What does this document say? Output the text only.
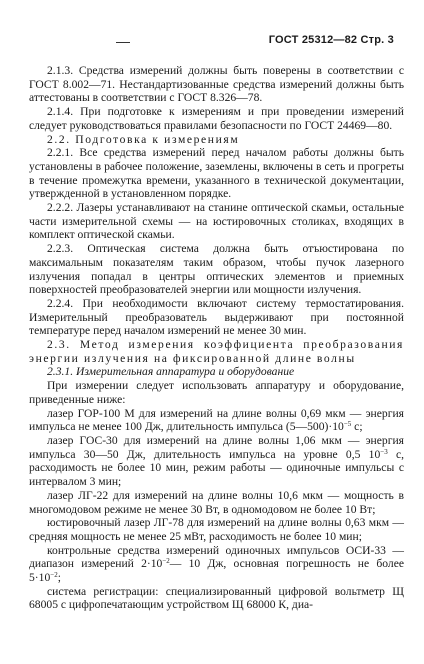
ГОСТ 25312—82 Стр. 3

2.1.3. Средства измерений должны быть поверены в соответствии с ГОСТ 8.002—71. Нестандартизованные средства измерений должны быть аттестованы в соответствии с ГОСТ 8.326—78.

2.1.4. При подготовке к измерениям и при проведении измерений следует руководствоваться правилами безопасности по ГОСТ 24469—80.

2.2. Подготовка к измерениям

2.2.1. Все средства измерений перед началом работы должны быть установлены в рабочее положение, заземлены, включены в сеть и прогреты в течение промежутка времени, указанного в технической документации, утвержденной в установленном порядке.

2.2.2. Лазеры устанавливают на станине оптической скамьи, остальные части измерительной схемы — на юстировочных столиках, входящих в комплект оптической скамьи.

2.2.3. Оптическая система должна быть отъюстирована по максимальным показателям таким образом, чтобы пучок лазерного излучения попадал в центры оптических элементов и приемных поверхностей преобразователей энергии или мощности излучения.

2.2.4. При необходимости включают систему термостатирования. Измерительный преобразователь выдерживают при постоянной температуре перед началом измерений не менее 30 мин.

2.3. Метод измерения коэффициента преобразования энергии излучения на фиксированной длине волны

2.3.1. Измерительная аппаратура и оборудование

При измерении следует использовать аппаратуру и оборудование, приведенные ниже:

лазер ГОР-100 М для измерений на длине волны 0,69 мкм — энергия импульса не менее 100 Дж, длительность импульса $(5—500)\cdot 10^{-5}$ с;

лазер ГОС-30 для измерений на длине волны 1,06 мкм — энергия импульса 30—50 Дж, длительность импульса на уровне 0,5 $10^{-3}$ с, расходимость не более 10 мин, режим работы — одиночные импульсы с интервалом 3 мин;

лазер ЛГ-22 для измерений на длине волны 10,6 мкм — мощность в многомодовом режиме не менее 30 Вт, в одномодовом не более 10 Вт;

юстировочный лазер ЛГ-78 для измерений на длине волны 0,63 мкм — средняя мощность не менее 25 мВт, расходимость не более 10 мин;

контрольные средства измерений одиночных импульсов ОСИ-33 — диапазон измерений $2\cdot 10^{-2}—$ 10 Дж, основная погрешность не более $5\cdot 10^{-2}$;

система регистрации: специализированный цифровой вольтметр Щ 68005 с цифропечатающим устройством Щ 68000 К, диа-
